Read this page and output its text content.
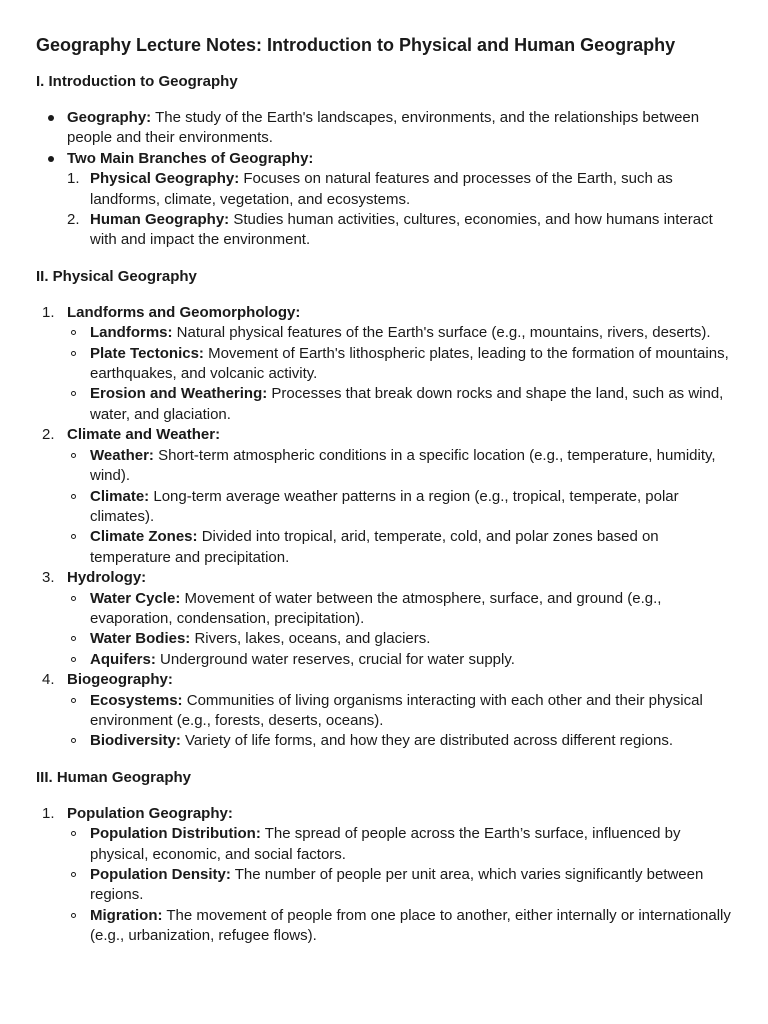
Geography Lecture Notes: Introduction to Physical and Human Geography
I. Introduction to Geography
Geography: The study of the Earth's landscapes, environments, and the relationships between people and their environments.
Two Main Branches of Geography:
1. Physical Geography: Focuses on natural features and processes of the Earth, such as landforms, climate, vegetation, and ecosystems.
2. Human Geography: Studies human activities, cultures, economies, and how humans interact with and impact the environment.
II. Physical Geography
1. Landforms and Geomorphology:
Landforms: Natural physical features of the Earth's surface (e.g., mountains, rivers, deserts).
Plate Tectonics: Movement of Earth's lithospheric plates, leading to the formation of mountains, earthquakes, and volcanic activity.
Erosion and Weathering: Processes that break down rocks and shape the land, such as wind, water, and glaciation.
2. Climate and Weather:
Weather: Short-term atmospheric conditions in a specific location (e.g., temperature, humidity, wind).
Climate: Long-term average weather patterns in a region (e.g., tropical, temperate, polar climates).
Climate Zones: Divided into tropical, arid, temperate, cold, and polar zones based on temperature and precipitation.
3. Hydrology:
Water Cycle: Movement of water between the atmosphere, surface, and ground (e.g., evaporation, condensation, precipitation).
Water Bodies: Rivers, lakes, oceans, and glaciers.
Aquifers: Underground water reserves, crucial for water supply.
4. Biogeography:
Ecosystems: Communities of living organisms interacting with each other and their physical environment (e.g., forests, deserts, oceans).
Biodiversity: Variety of life forms, and how they are distributed across different regions.
III. Human Geography
1. Population Geography:
Population Distribution: The spread of people across the Earth’s surface, influenced by physical, economic, and social factors.
Population Density: The number of people per unit area, which varies significantly between regions.
Migration: The movement of people from one place to another, either internally or internationally (e.g., urbanization, refugee flows).
